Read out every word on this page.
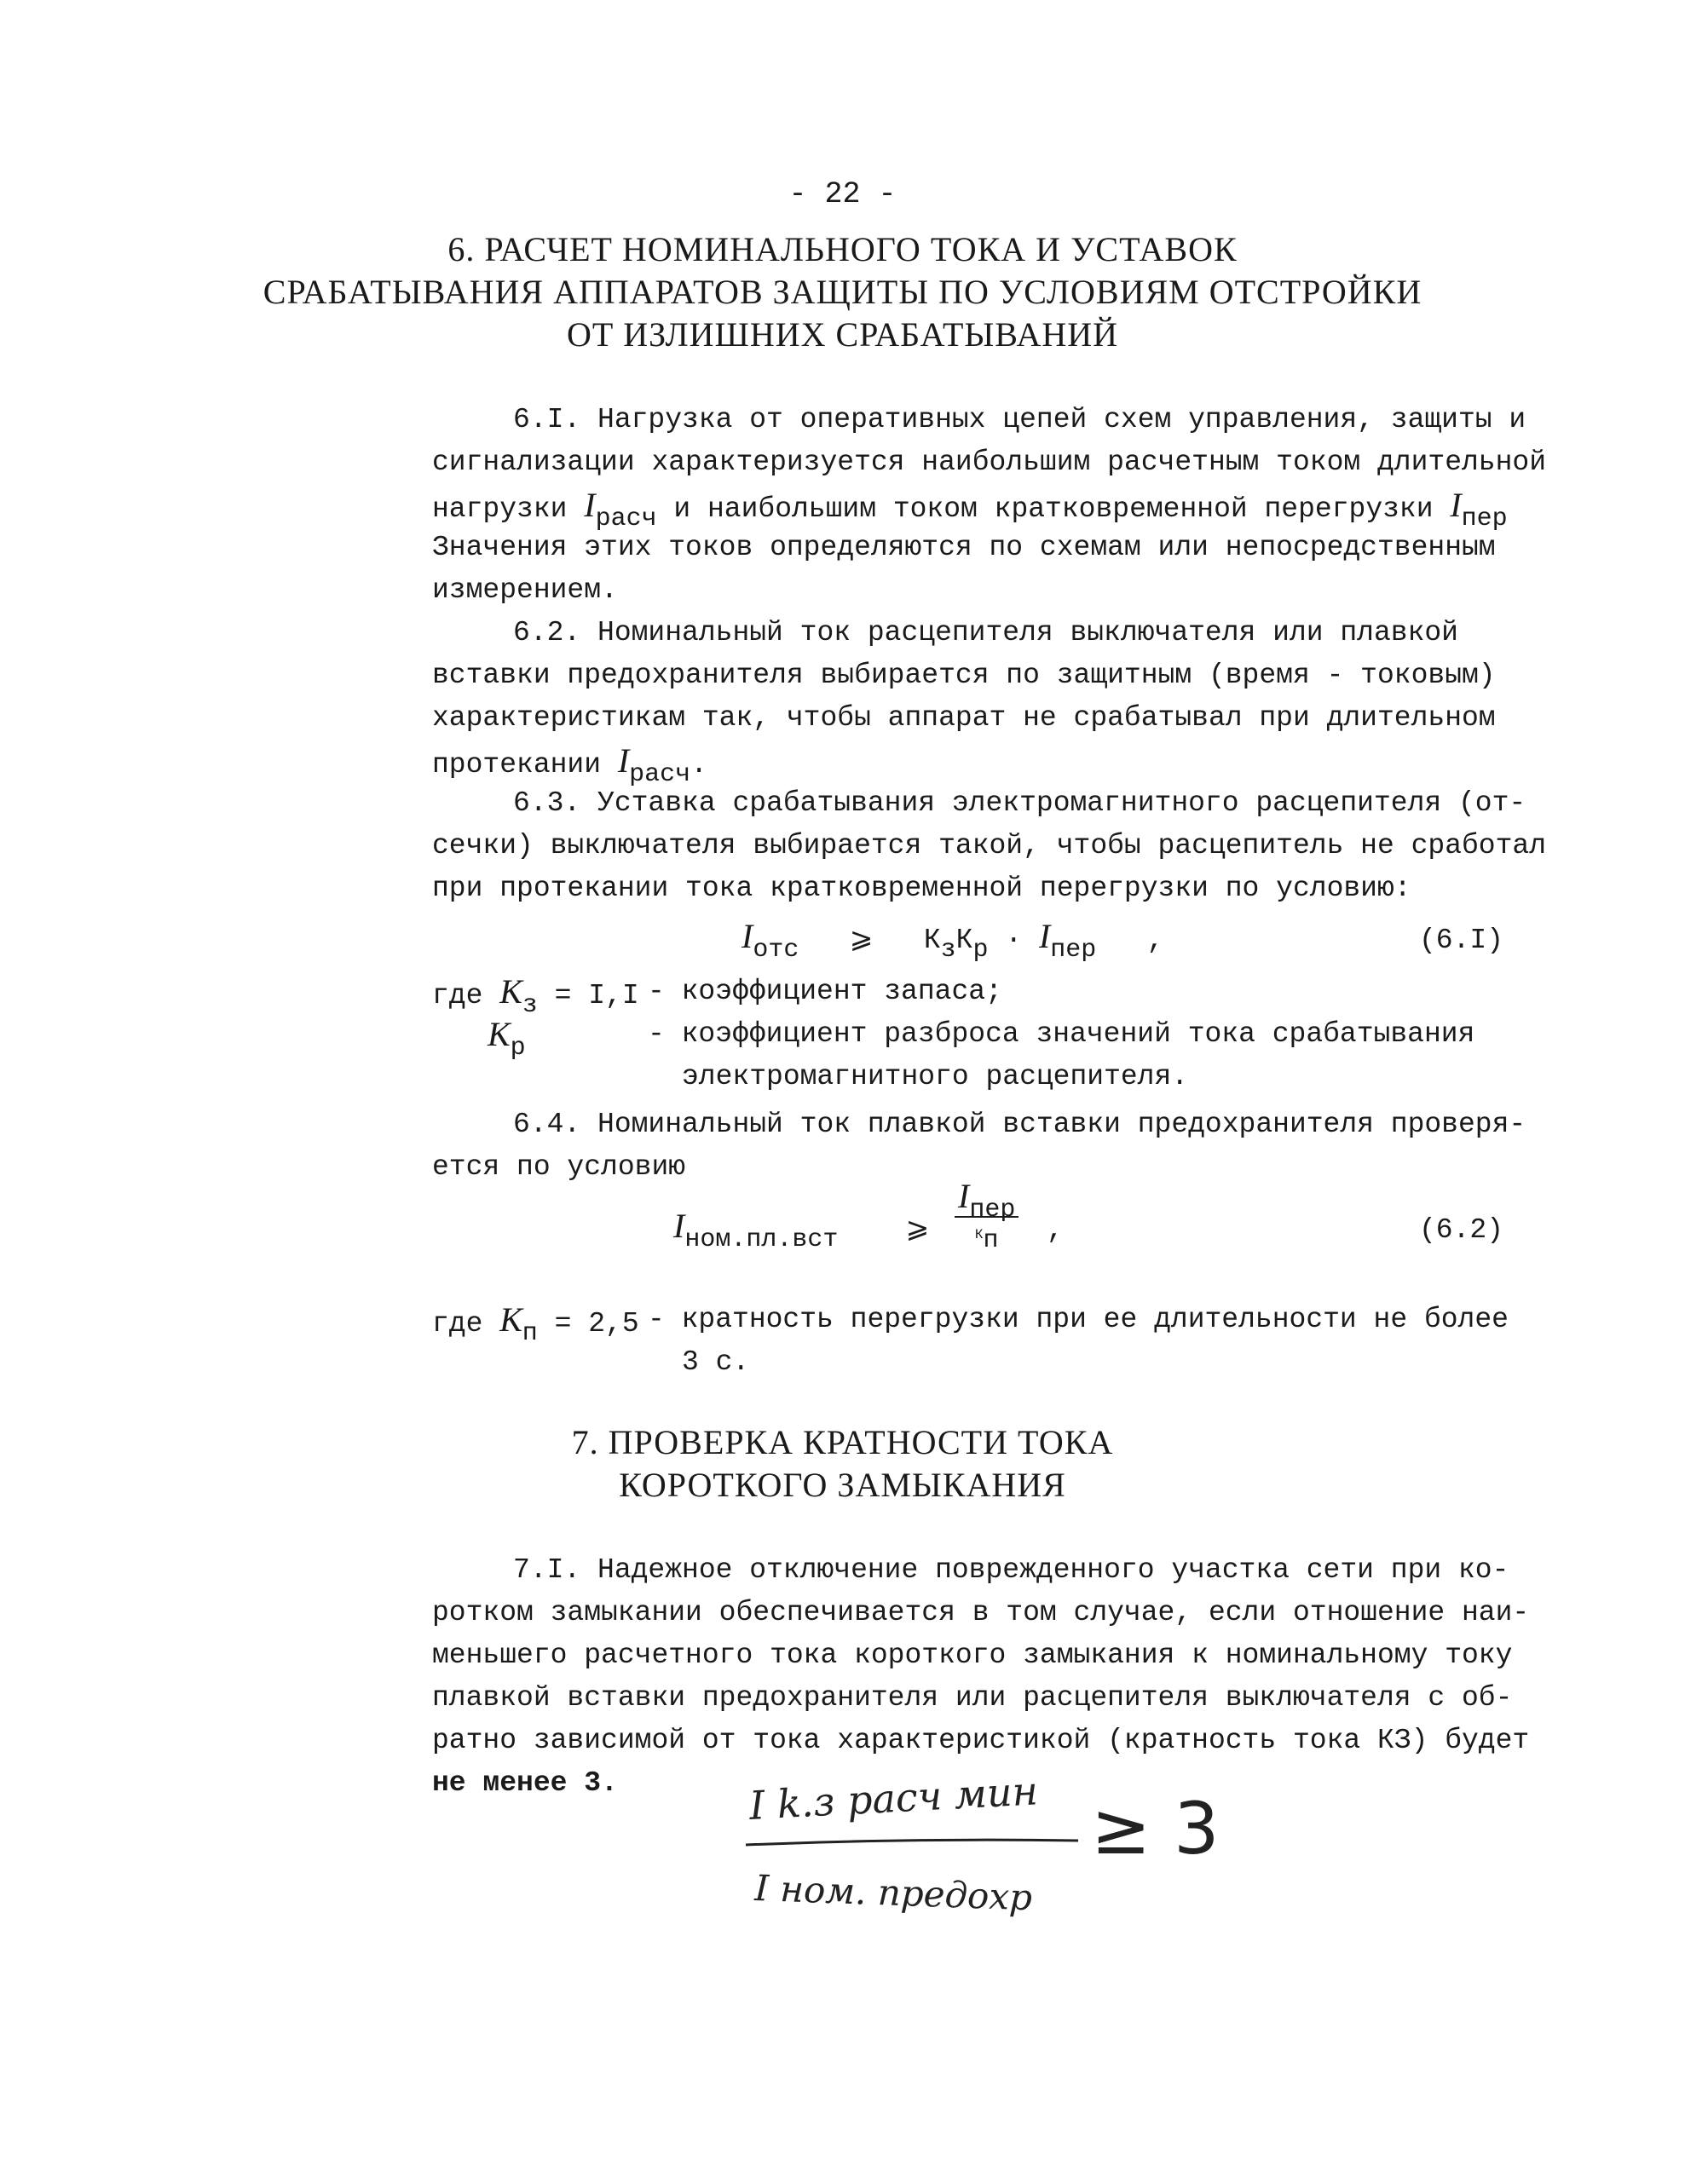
- 22 -
6. РАСЧЕТ НОМИНАЛЬНОГО ТОКА И УСТАВОК
СРАБАТЫВАНИЯ АППАРАТОВ ЗАЩИТЫ ПО УСЛОВИЯМ ОТСТРОЙКИ
ОТ ИЗЛИШНИХ СРАБАТЫВАНИЙ
6.I. Нагрузка от оперативных цепей схем управления, защиты и
сигнализации характеризуется наибольшим расчетным током длительной
нагрузки $I_{расч}$ и наибольшим током кратковременной перегрузки $I_{пер}$
Значения этих токов определяются по схемам или непосредственным
измерением.
6.2. Номинальный ток расцепителя выключателя или плавкой
вставки предохранителя выбирается по защитным (время - токовым)
характеристикам так, чтобы аппарат не срабатывал при длительном
протекании $I_{расч}$.
6.3. Уставка срабатывания электромагнитного расцепителя (от-
сечки) выключателя выбирается такой, чтобы расцепитель не сработал
при протекании тока кратковременной перегрузки по условию:
$I_{отс}$ ⩾ $К_зК_р \cdot I_{пер}$ ,	(6.I)
где $К_з = I,I$ - коэффициент запаса;
$К_р$	- коэффициент разброса значений тока срабатывания
электромагнитного расцепителя.
6.4. Номинальный ток плавкой вставки предохранителя проверя-
ется по условию
$I_{ном.пл.вст}$ ⩾
$I_{пер}$
$К_п$	,	(6.2)
где $К_п = 2,5$ - кратность перегрузки при ее длительности не более
3 с.
7. ПРОВЕРКА КРАТНОСТИ ТОКА
КОРОТКОГО ЗАМЫКАНИЯ
7.I. Надежное отключение поврежденного участка сети при ко-
ротком замыкании обеспечивается в том случае, если отношение наи-
меньшего расчетного тока короткого замыкания к номинальному току
плавкой вставки предохранителя или расцепителя выключателя с об-
ратно зависимой от тока характеристикой (кратность тока КЗ) будет
не менее 3.	I k.з расч мин
I ном. предохр
≥ 3
